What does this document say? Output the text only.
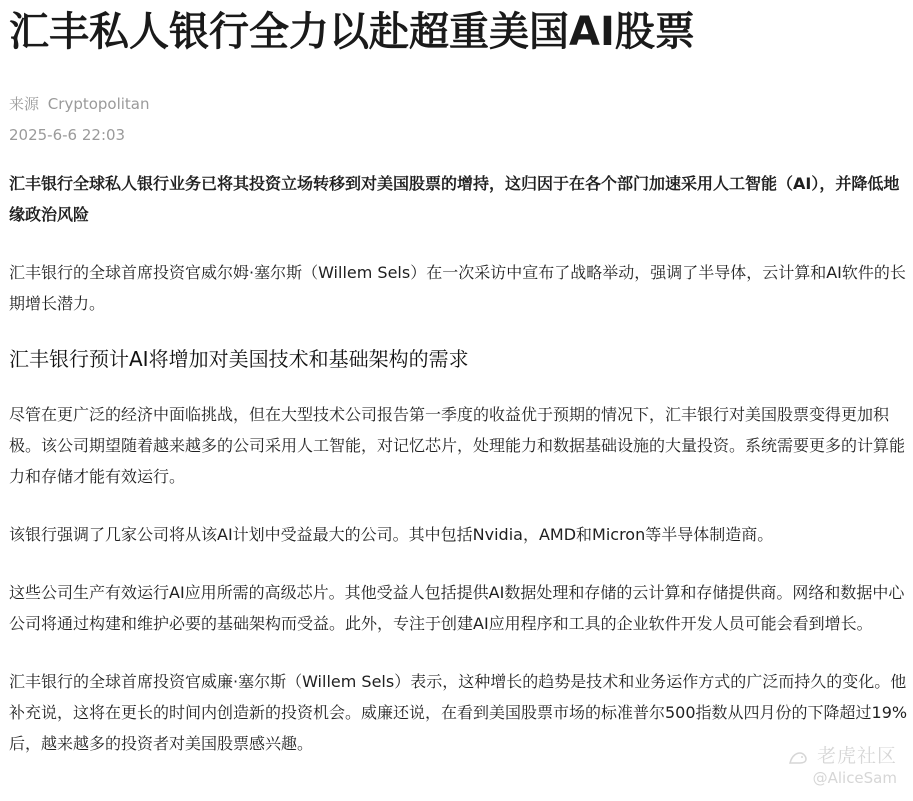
汇丰私人银行全力以赴超重美国AI股票

来源 Cryptopolitan

2025-6-6 22:03

汇丰银行全球私人银行业务已将其投资立场转移到对美国股票的增持，这归因于在各个部门加速采用人工智能（AI），并降低地缘政治风险

汇丰银行的全球首席投资官威尔姆·塞尔斯（Willem Sels）在一次采访中宣布了战略举动，强调了半导体，云计算和AI软件的长期增长潜力。

汇丰银行预计AI将增加对美国技术和基础架构的需求

尽管在更广泛的经济中面临挑战，但在大型技术公司报告第一季度的收益优于预期的情况下，汇丰银行对美国股票变得更加积极。该公司期望随着越来越多的公司采用人工智能，对记忆芯片，处理能力和数据基础设施的大量投资。系统需要更多的计算能力和存储才能有效运行。

该银行强调了几家公司将从该AI计划中受益最大的公司。其中包括Nvidia，AMD和Micron等半导体制造商。

这些公司生产有效运行AI应用所需的高级芯片。其他受益人包括提供AI数据处理和存储的云计算和存储提供商。网络和数据中心公司将通过构建和维护必要的基础架构而受益。此外，专注于创建AI应用程序和工具的企业软件开发人员可能会看到增长。

汇丰银行的全球首席投资官威廉·塞尔斯（Willem Sels）表示，这种增长的趋势是技术和业务运作方式的广泛而持久的变化。他补充说，这将在更长的时间内创造新的投资机会。威廉还说，在看到美国股票市场的标准普尔500指数从四月份的下降超过19%后，越来越多的投资者对美国股票感兴趣。

老虎社区
@AliceSam
